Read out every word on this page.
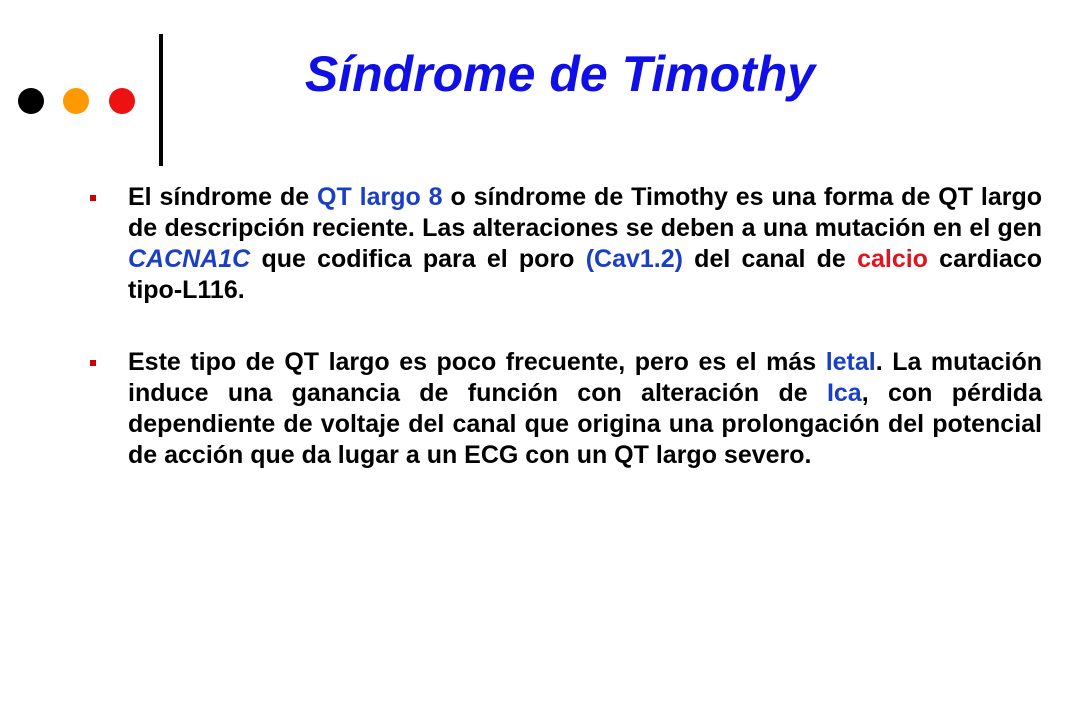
Síndrome de Timothy
El síndrome de QT largo 8 o síndrome de Timothy es una forma de QT largo de descripción reciente. Las alteraciones se deben a una mutación en el gen CACNA1C que codifica para el poro (Cav1.2) del canal de calcio cardiaco tipo-L116.
Este tipo de QT largo es poco frecuente, pero es el más letal. La mutación induce una ganancia de función con alteración de Ica, con pérdida dependiente de voltaje del canal que origina una prolongación del potencial de acción que da lugar a un ECG con un QT largo severo.
